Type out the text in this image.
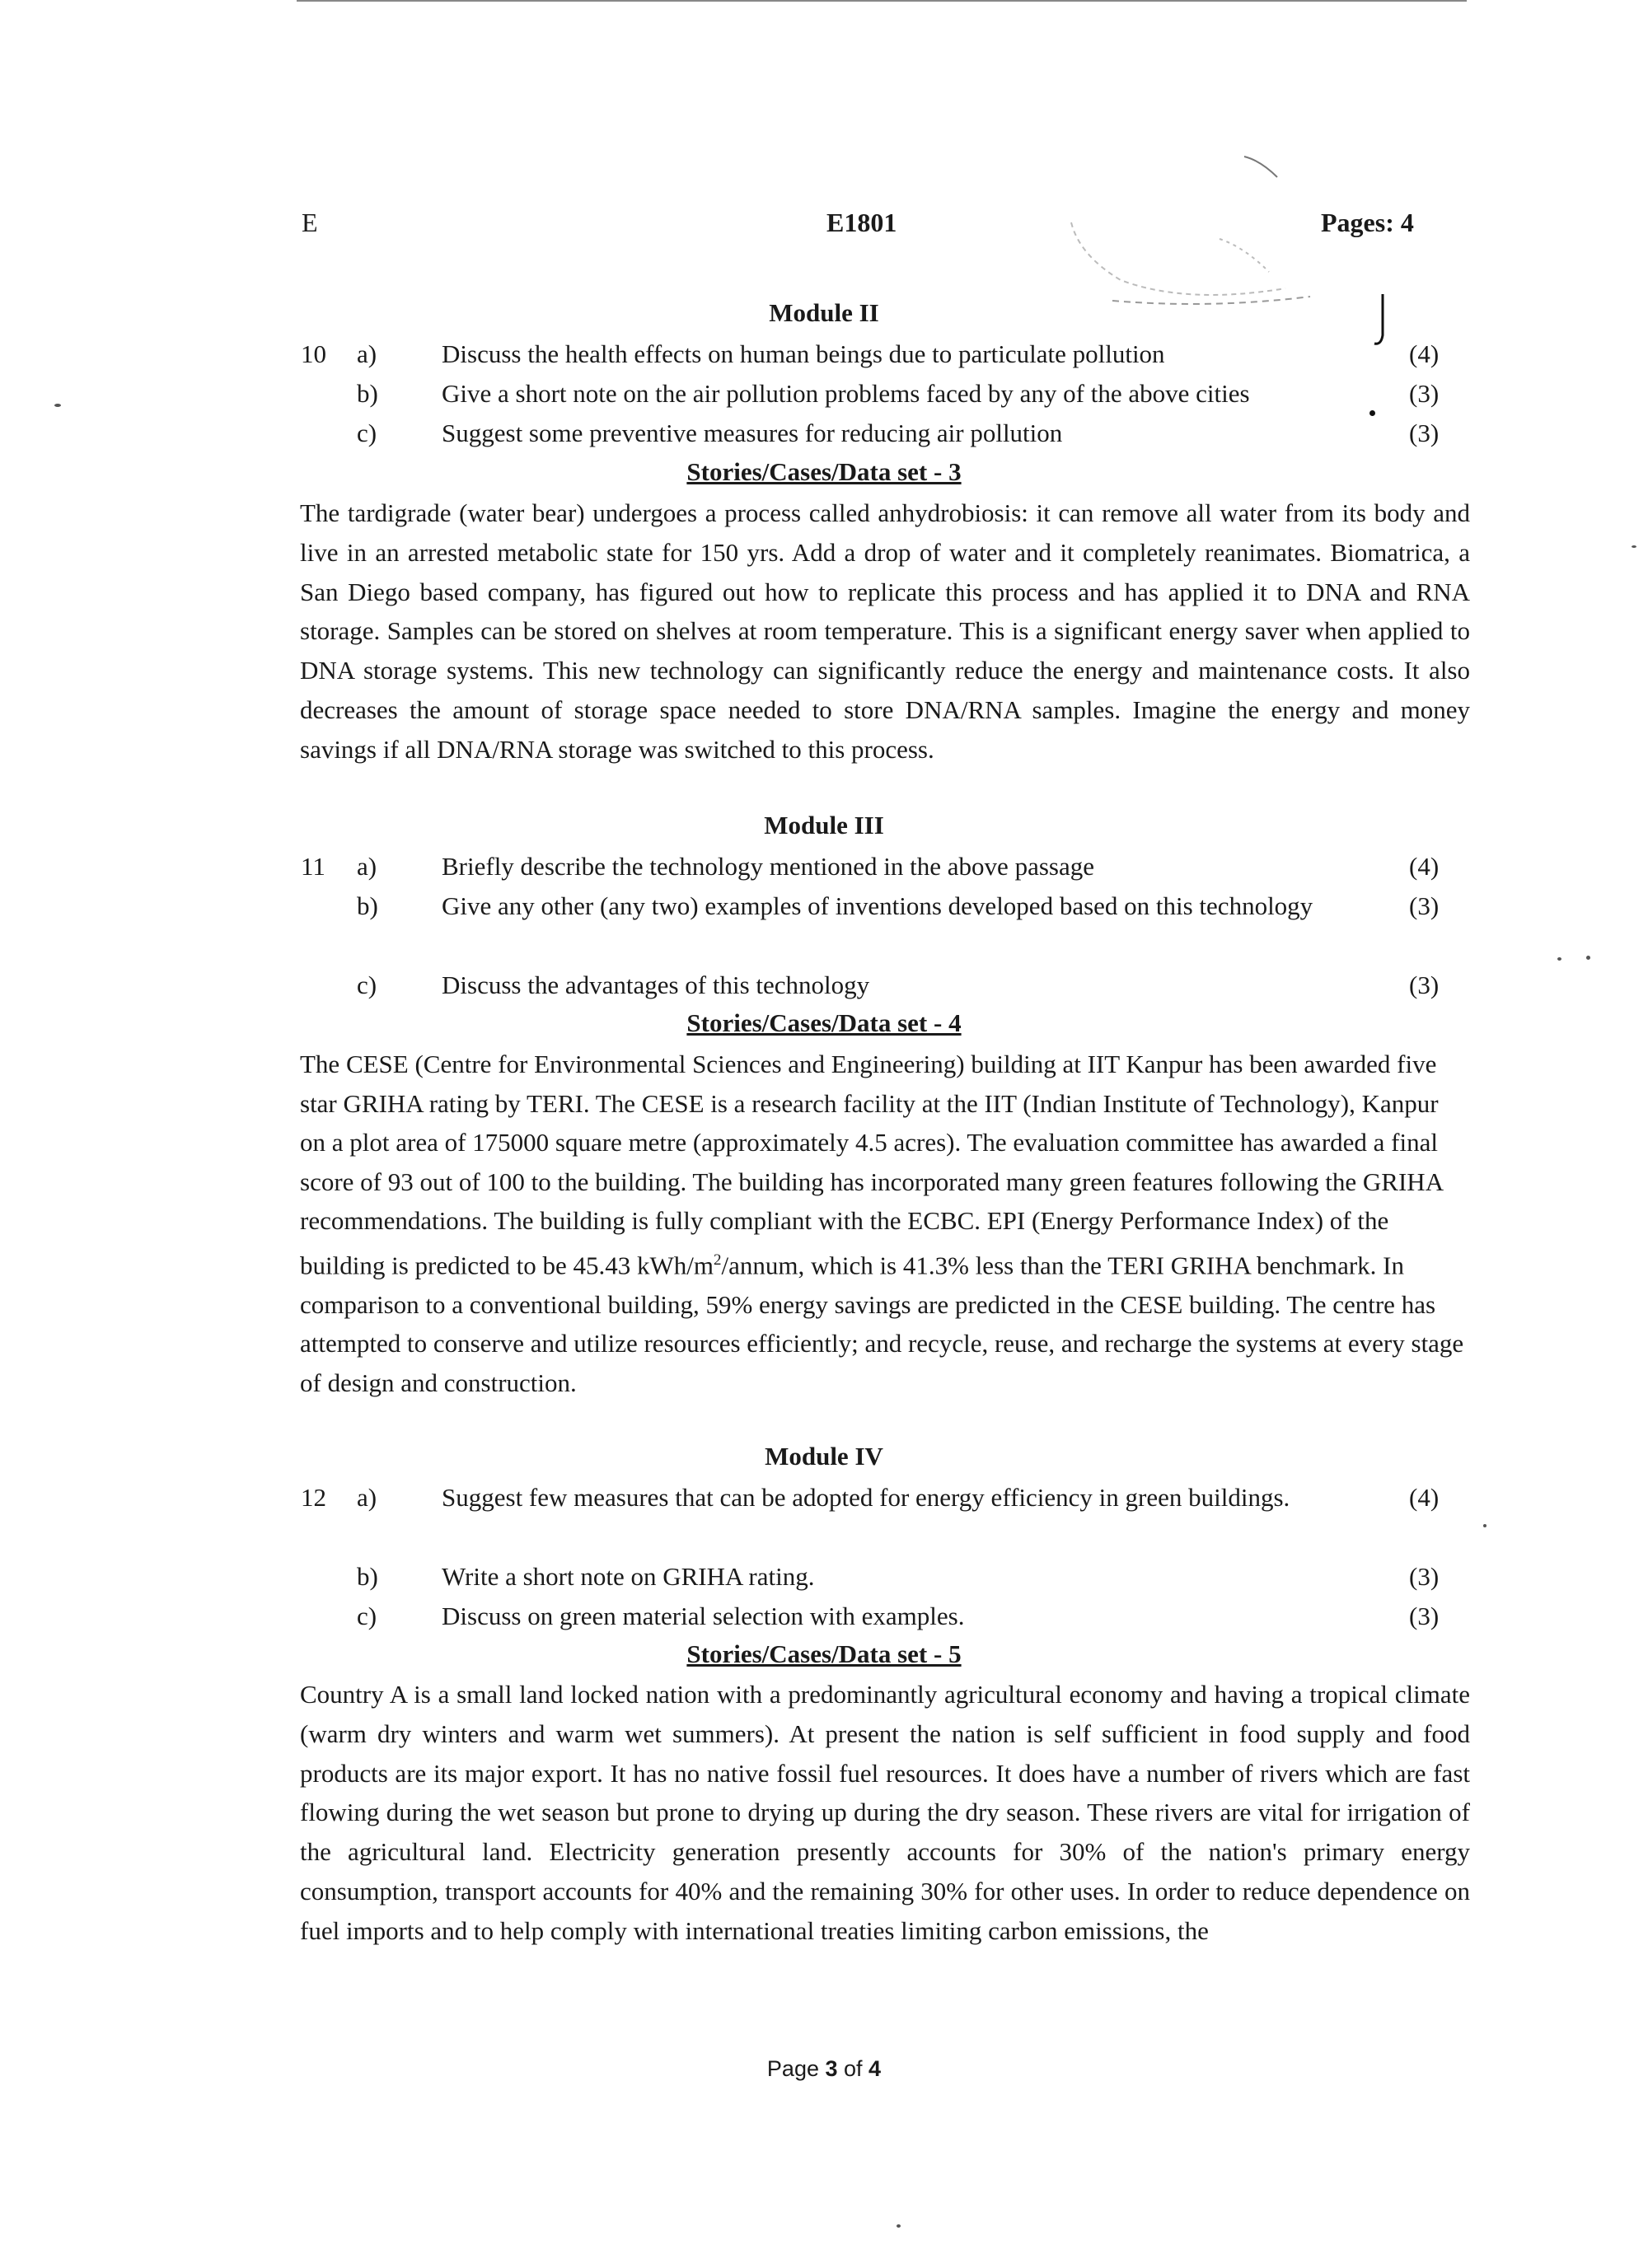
E	E1801	Pages: 4
Module II
10 a)	Discuss the health effects on human beings due to particulate pollution	(4)
b) Give a short note on the air pollution problems faced by any of the above cities	(3)
c)	Suggest some preventive measures for reducing air pollution	(3)
Stories/Cases/Data set - 3
The tardigrade (water bear) undergoes a process called anhydrobiosis: it can remove all water from its body and live in an arrested metabolic state for 150 yrs. Add a drop of water and it completely reanimates. Biomatrica, a San Diego based company, has figured out how to replicate this process and has applied it to DNA and RNA storage. Samples can be stored on shelves at room temperature. This is a significant energy saver when applied to DNA storage systems. This new technology can significantly reduce the energy and maintenance costs. It also decreases the amount of storage space needed to store DNA/RNA samples. Imagine the energy and money savings if all DNA/RNA storage was switched to this process.
Module III
11 a)	Briefly describe the technology mentioned in the above passage	(4)
b) Give any other (any two) examples of inventions developed based on this technology	(3)
c)	Discuss the advantages of this technology	(3)
Stories/Cases/Data set - 4
The CESE (Centre for Environmental Sciences and Engineering) building at IIT Kanpur has been awarded five star GRIHA rating by TERI. The CESE is a research facility at the IIT (Indian Institute of Technology), Kanpur on a plot area of 175000 square metre (approximately 4.5 acres). The evaluation committee has awarded a final score of 93 out of 100 to the building. The building has incorporated many green features following the GRIHA recommendations. The building is fully compliant with the ECBC. EPI (Energy Performance Index) of the building is predicted to be 45.43 kWh/$m^2$/annum, which is 41.3% less than the TERI GRIHA benchmark. In comparison to a conventional building, 59% energy savings are predicted in the CESE building. The centre has attempted to conserve and utilize resources efficiently; and recycle, reuse, and recharge the systems at every stage of design and construction.
Module IV
12 a)	Suggest few measures that can be adopted for energy efficiency in green buildings.	(4)
b) Write a short note on GRIHA rating.	(3)
c)	Discuss on green material selection with examples.	(3)
Stories/Cases/Data set - 5
Country A is a small land locked nation with a predominantly agricultural economy and having a tropical climate (warm dry winters and warm wet summers). At present the nation is self sufficient in food supply and food products are its major export. It has no native fossil fuel resources. It does have a number of rivers which are fast flowing during the wet season but prone to drying up during the dry season. These rivers are vital for irrigation of the agricultural land. Electricity generation presently accounts for 30% of the nation's primary energy consumption, transport accounts for 40% and the remaining 30% for other uses. In order to reduce dependence on fuel imports and to help comply with international treaties limiting carbon emissions, the
Page 3 of 4
